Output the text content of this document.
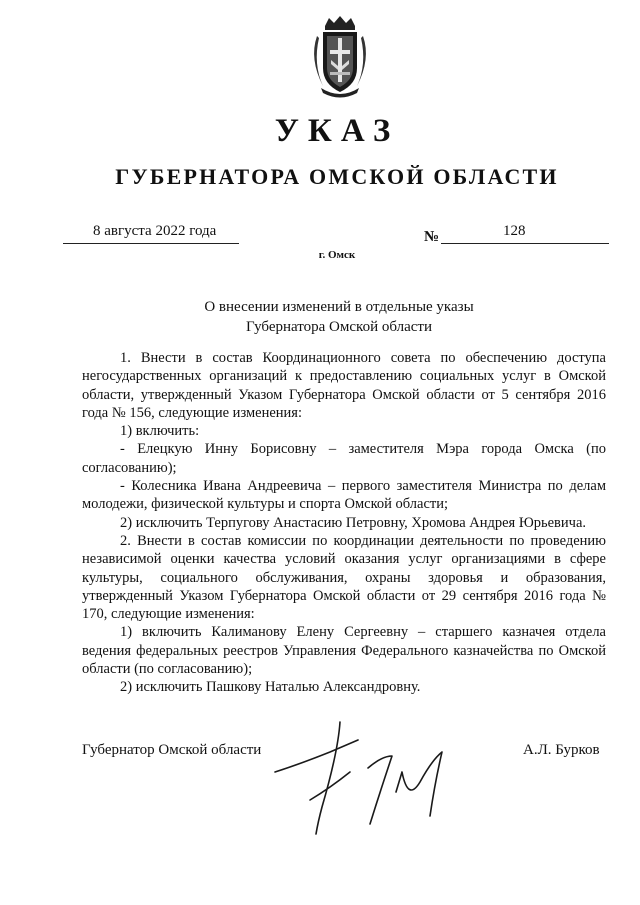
УКАЗ
ГУБЕРНАТОРА ОМСКОЙ ОБЛАСТИ
8 августа 2022 года	№	128
г. Омск
О внесении изменений в отдельные указы
Губернатора Омской области

1. Внести в состав Координационного совета по обеспечению доступа негосударственных организаций к предоставлению социальных услуг в Омской области, утвержденный Указом Губернатора Омской области от 5 сентября 2016 года № 156, следующие изменения:

1) включить:

- Елецкую Инну Борисовну – заместителя Мэра города Омска (по согласованию);

- Колесника Ивана Андреевича – первого заместителя Министра по делам молодежи, физической культуры и спорта Омской области;

2) исключить Терпугову Анастасию Петровну, Хромова Андрея Юрьевича.

2. Внести в состав комиссии по координации деятельности по проведению независимой оценки качества условий оказания услуг организациями в сфере культуры, социального обслуживания, охраны здоровья и образования, утвержденный Указом Губернатора Омской области от 29 сентября 2016 года № 170, следующие изменения:

1) включить Калиманову Елену Сергеевну – старшего казначея отдела ведения федеральных реестров Управления Федерального казначейства по Омской области (по согласованию);

2) исключить Пашкову Наталью Александровну.

Губернатор Омской области	А.Л. Бурков
